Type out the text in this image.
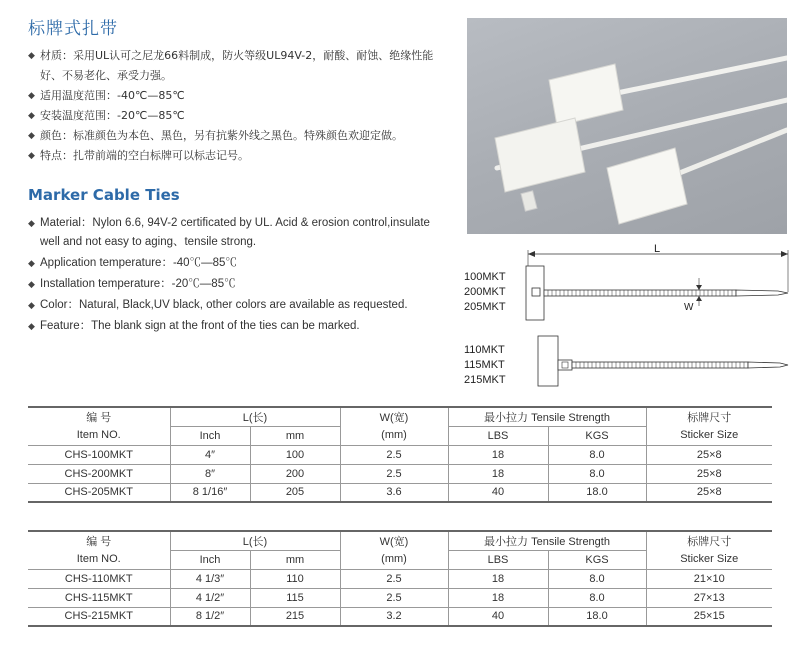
标牌式扎带
◆ 材质：采用UL认可之尼龙66料制成，防火等级UL94V-2，耐酸、耐蚀、绝缘性能好、不易老化、承受力强。
◆ 适用温度范围：-40℃—85℃
◆ 安装温度范围：-20℃—85℃
◆ 颜色：标准颜色为本色、黑色，另有抗紫外线之黑色。特殊颜色欢迎定做。
◆ 特点：扎带前端的空白标牌可以标志记号。
Marker Cable Ties
◆ Material：Nylon 6.6, 94V-2 certificated by UL. Acid & erosion control,insulate well and not easy to aging、tensile strong.
◆ Application temperature：-40℃—85℃
◆ Installation temperature：-20℃—85℃
◆ Color：Natural, Black,UV black, other colors are available as requested.
◆ Feature：The blank sign at the front of the ties can be marked.
L
W
100MKT
200MKT
205MKT
110MKT
115MKT
215MKT
编 号	L(长)		W(宽)	最小拉力 Tensile Strength		标牌尺寸
Item NO.	Inch	mm	(mm)	LBS	KGS	Sticker Size
CHS-100MKT	4″	100	2.5	18	8.0	25×8
CHS-200MKT	8″	200	2.5	18	8.0	25×8
CHS-205MKT	8 1/16″	205	3.6	40	18.0	25×8
编 号	L(长)		W(宽)	最小拉力 Tensile Strength		标牌尺寸
Item NO.	Inch	mm	(mm)	LBS	KGS	Sticker Size
CHS-110MKT	4 1/3″	110	2.5	18	8.0	21×10
CHS-115MKT	4 1/2″	115	2.5	18	8.0	27×13
CHS-215MKT	8 1/2″	215	3.2	40	18.0	25×15
